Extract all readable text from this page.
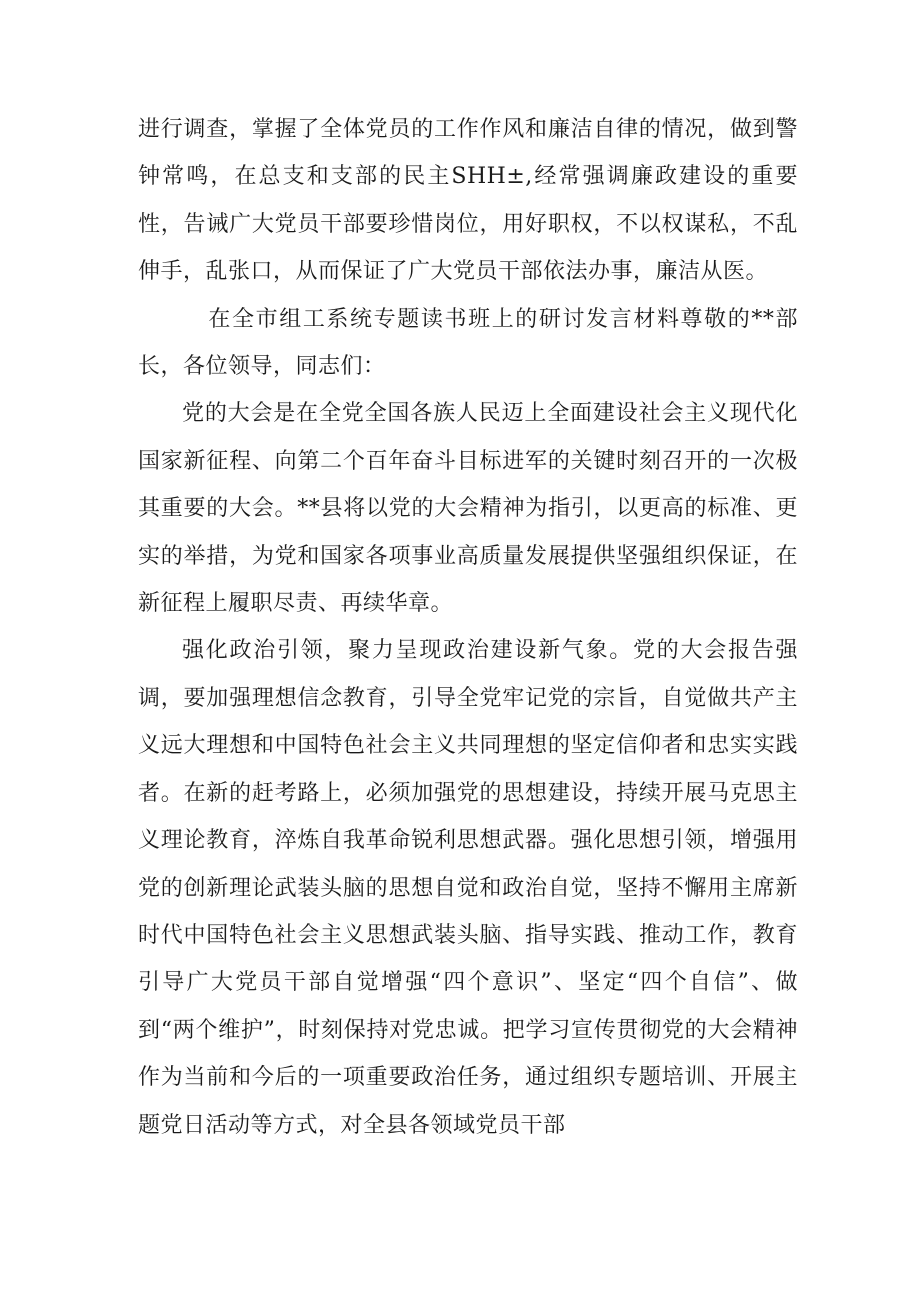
进行调查，掌握了全体党员的工作作风和廉洁自律的情况，做到警钟常鸣，在总支和支部的民主SHH±,经常强调廉政建设的重要性，告诫广大党员干部要珍惜岗位，用好职权，不以权谋私，不乱伸手，乱张口，从而保证了广大党员干部依法办事，廉洁从医。

在全市组工系统专题读书班上的研讨发言材料尊敬的**部长，各位领导，同志们：

党的大会是在全党全国各族人民迈上全面建设社会主义现代化国家新征程、向第二个百年奋斗目标进军的关键时刻召开的一次极其重要的大会。**县将以党的大会精神为指引，以更高的标准、更实的举措，为党和国家各项事业高质量发展提供坚强组织保证，在新征程上履职尽责、再续华章。

强化政治引领，聚力呈现政治建设新气象。党的大会报告强调，要加强理想信念教育，引导全党牢记党的宗旨，自觉做共产主义远大理想和中国特色社会主义共同理想的坚定信仰者和忠实实践者。在新的赶考路上，必须加强党的思想建设，持续开展马克思主义理论教育，淬炼自我革命锐利思想武器。强化思想引领，增强用党的创新理论武装头脑的思想自觉和政治自觉，坚持不懈用主席新时代中国特色社会主义思想武装头脑、指导实践、推动工作，教育引导广大党员干部自觉增强“四个意识”、坚定“四个自信”、做到“两个维护”，时刻保持对党忠诚。把学习宣传贯彻党的大会精神作为当前和今后的一项重要政治任务，通过组织专题培训、开展主题党日活动等方式，对全县各领域党员干部
